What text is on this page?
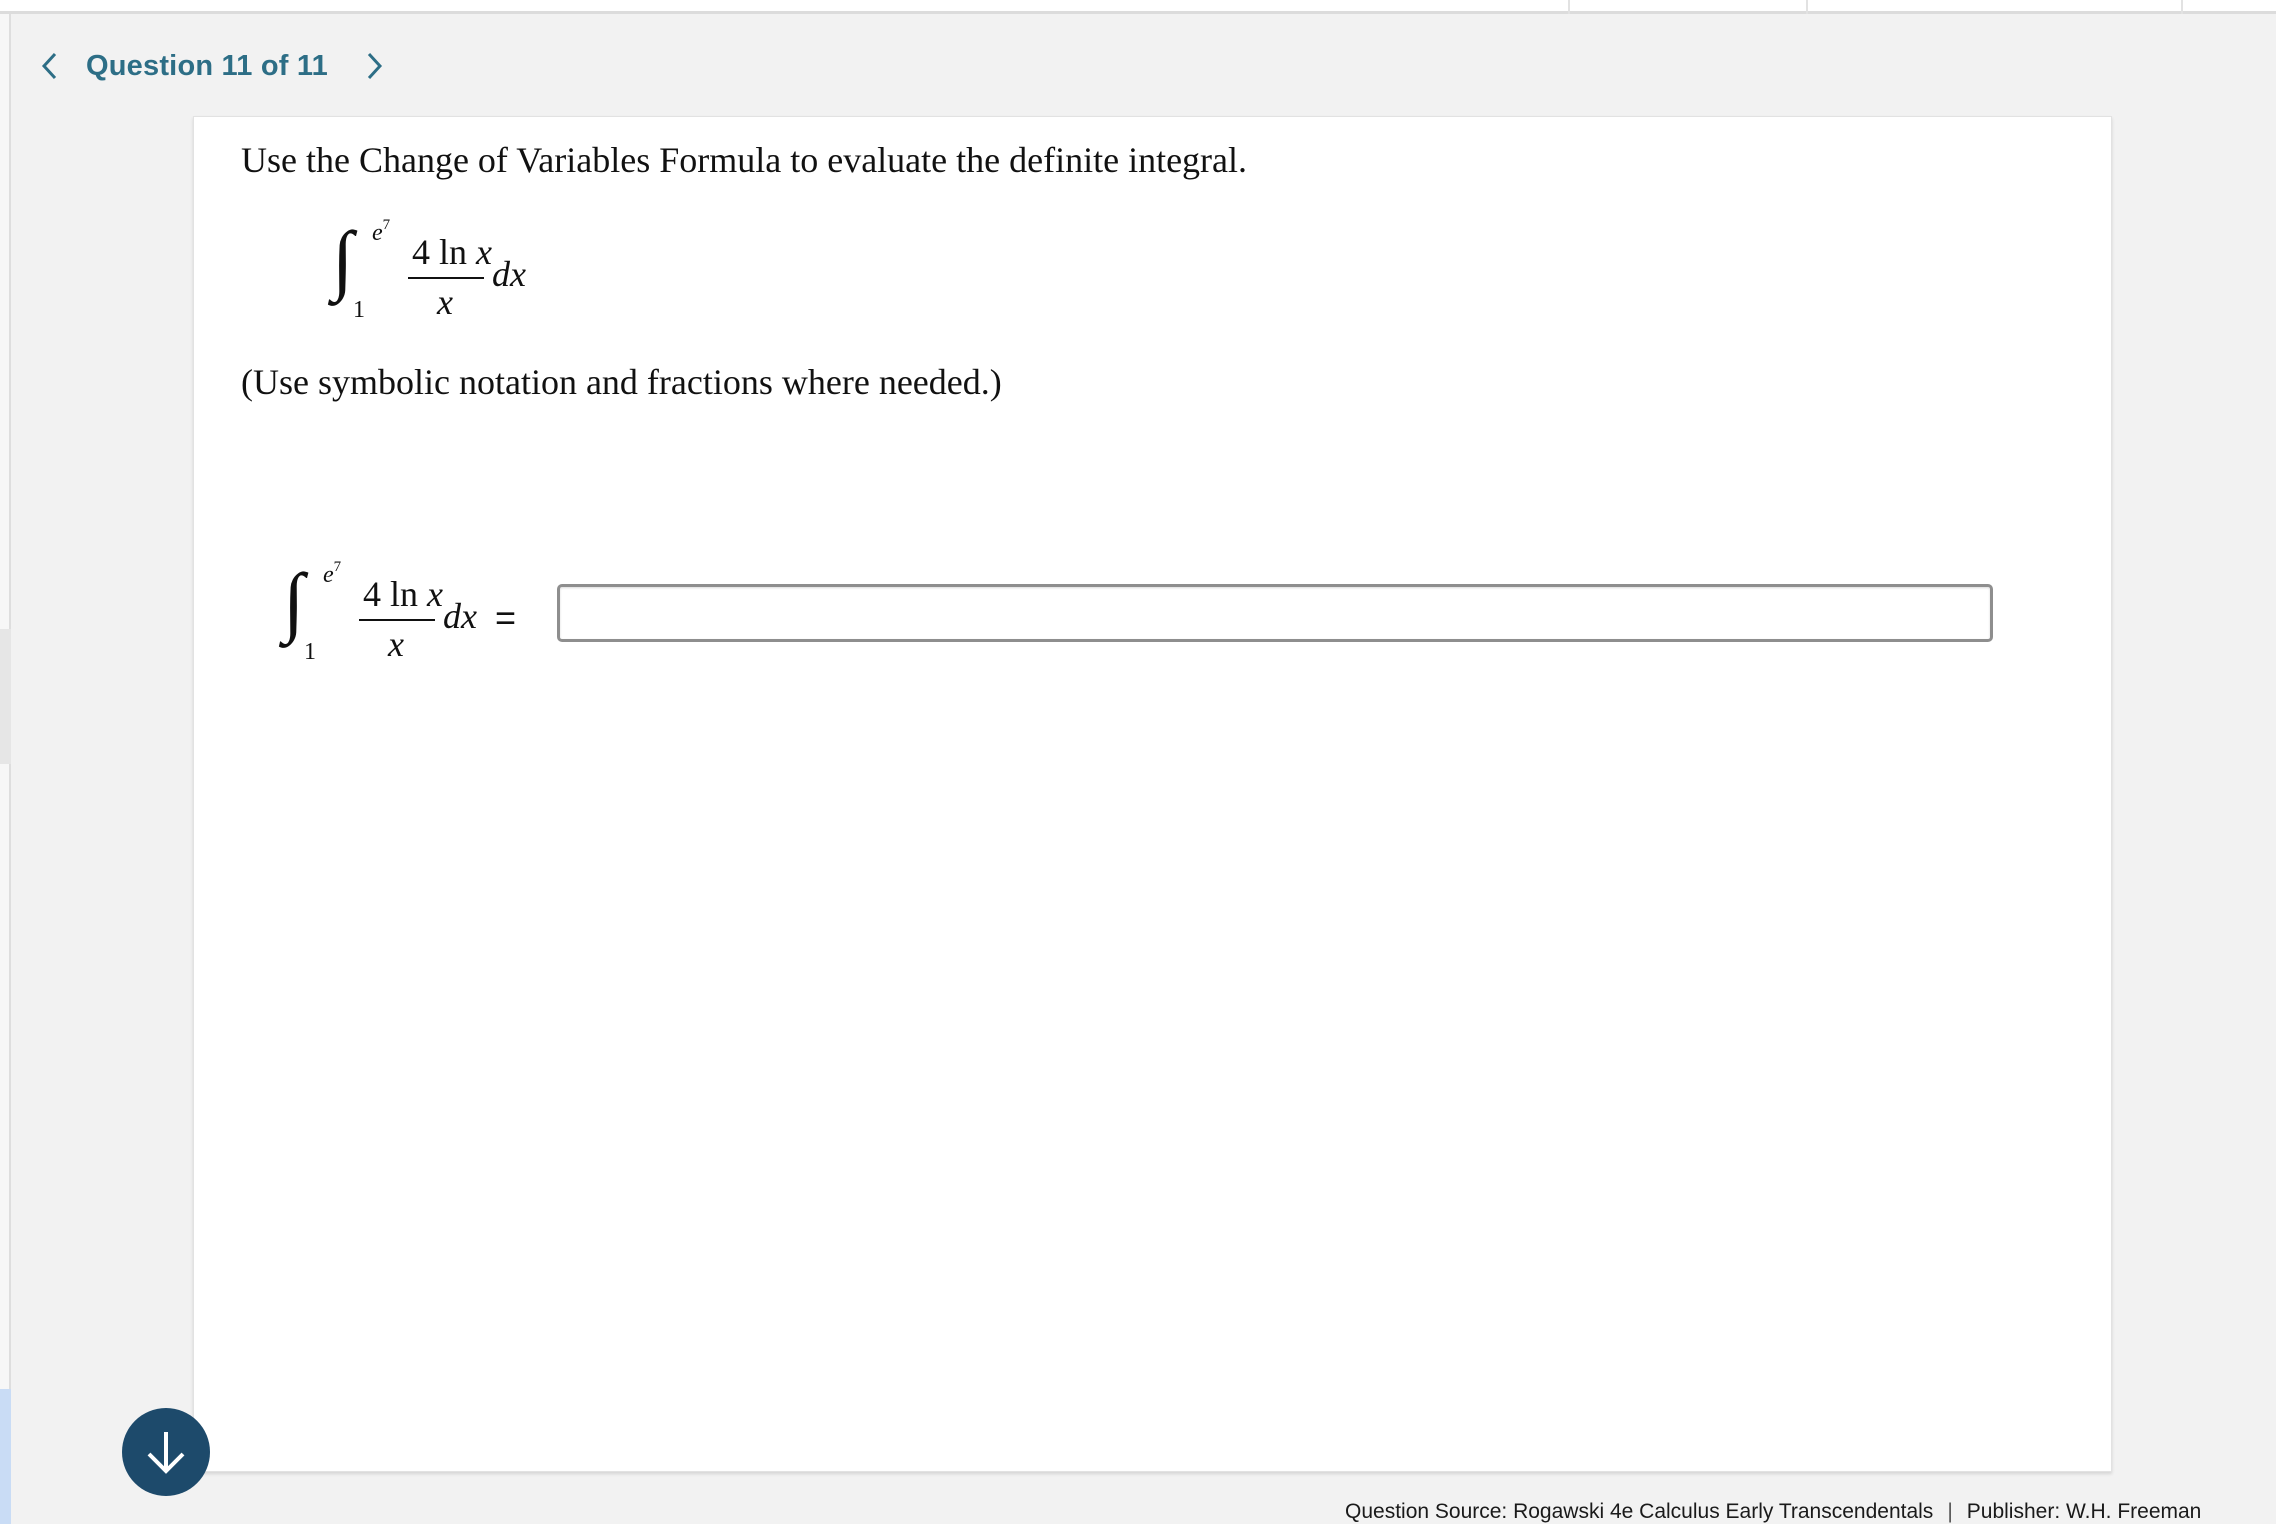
Question 11 of 11
Use the Change of Variables Formula to evaluate the definite integral.
∫ $e^7$
1
4 ln x
x
dx
(Use symbolic notation and fractions where needed.)
∫ $e^7$
1
4 ln x
x
dx =
Question Source: Rogawski 4e Calculus Early Transcendentals | Publisher: W.H. Freeman
